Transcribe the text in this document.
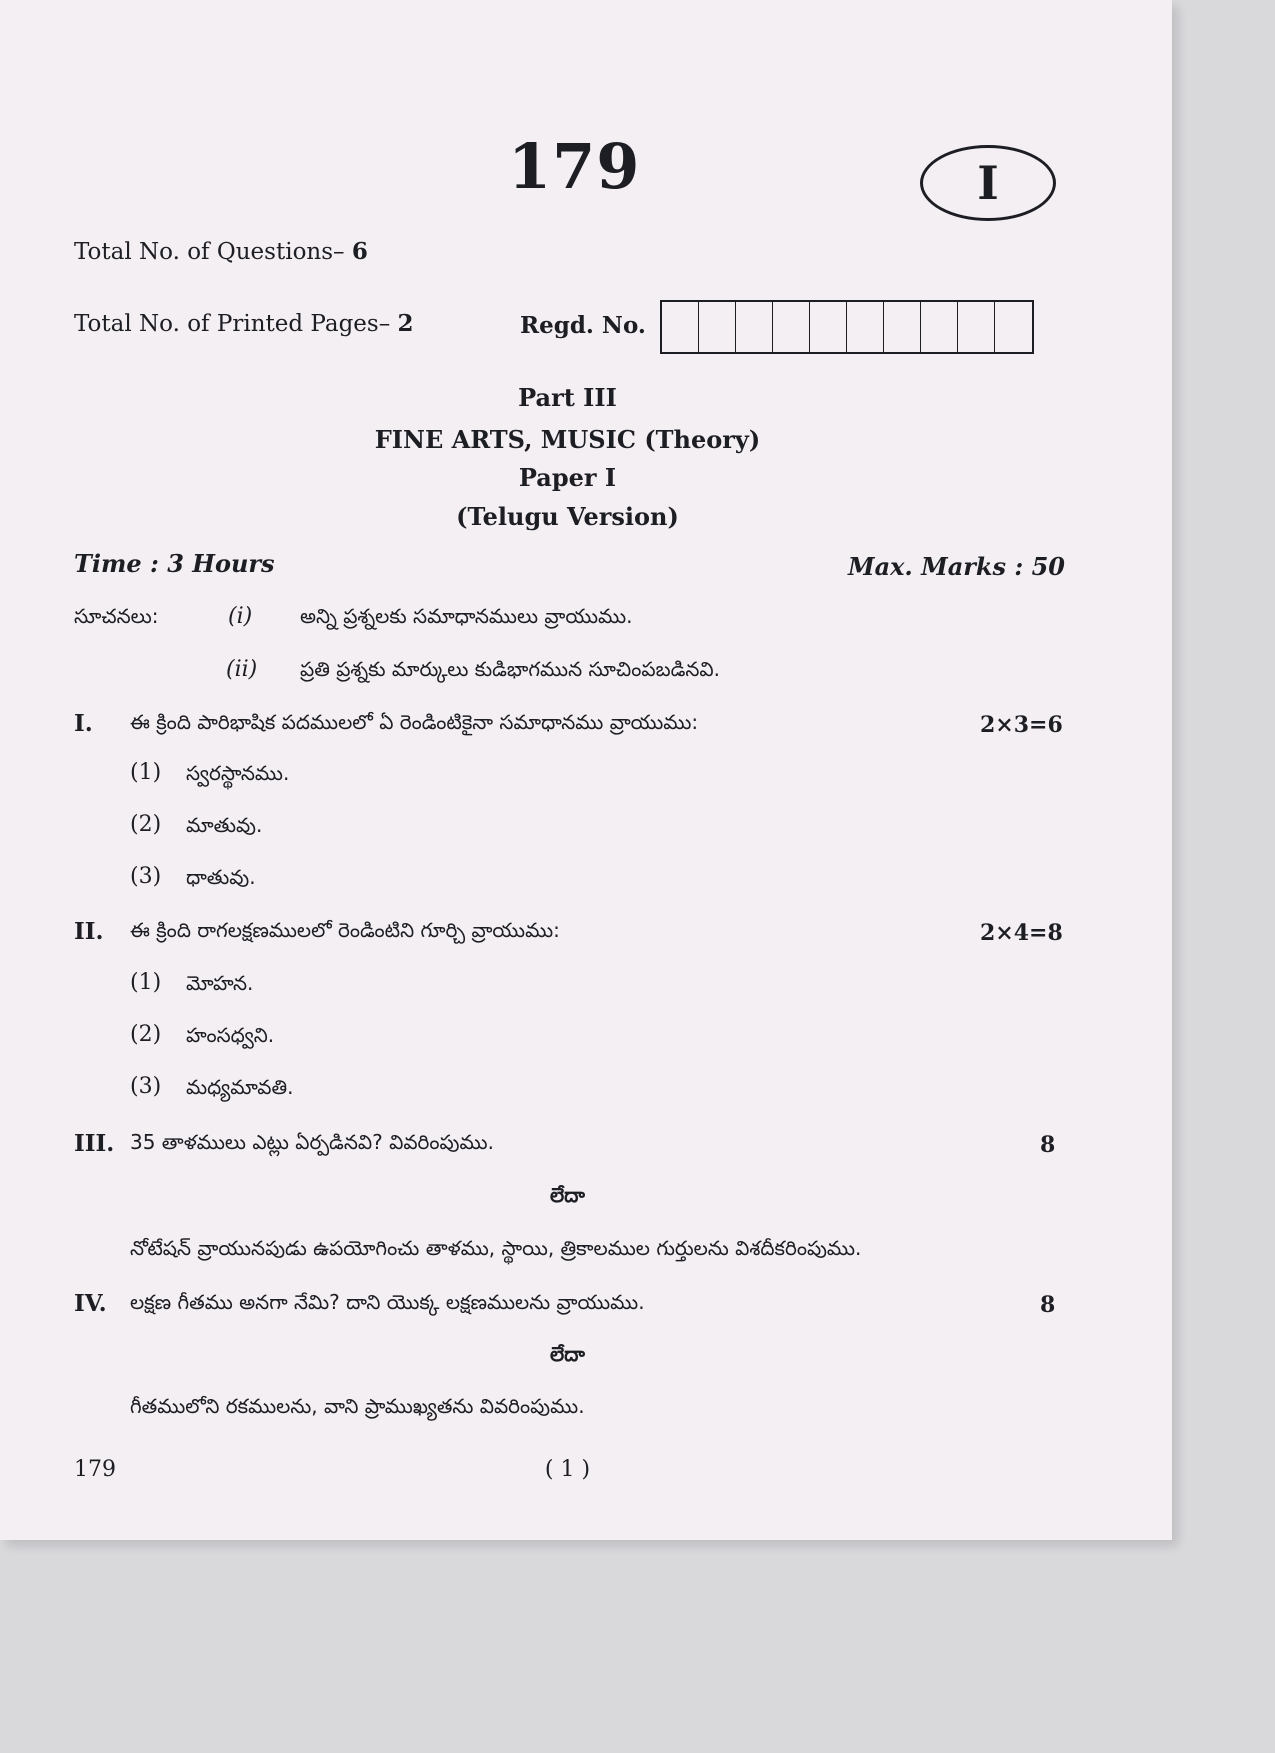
179	I
Total No. of Questions– 6
Total No. of Printed Pages– 2	Regd. No.
Part III
FINE ARTS, MUSIC (Theory)
Paper I
(Telugu Version)
Time : 3 Hours	Max. Marks : 50
సూచనలు:	(i) అన్ని ప్రశ్నలకు సమాధానములు వ్రాయుము.
(ii) ప్రతి ప్రశ్నకు మార్కులు కుడిభాగమున సూచింపబడినవి.
I. ఈ క్రింది పారిభాషిక పదములలో ఏ రెండింటికైనా సమాధానము వ్రాయుము:	2×3=6
(1) స్వరస్థానము.
(2) మాతువు.
(3) ధాతువు.
II. ఈ క్రింది రాగలక్షణములలో రెండింటిని గూర్చి వ్రాయుము:	2×4=8
(1) మోహన.
(2) హంసధ్వని.
(3) మధ్యమావతి.
III. 35 తాళములు ఎట్లు ఏర్పడినవి? వివరింపుము.	8
లేదా
నోటేషన్ వ్రాయునపుడు ఉపయోగించు తాళము, స్థాయి, త్రికాలముల గుర్తులను విశదీకరింపుము.
IV. లక్షణ గీతము అనగా నేమి? దాని యొక్క లక్షణములను వ్రాయుము.	8
లేదా
గీతములోని రకములను, వాని ప్రాముఖ్యతను వివరింపుము.
179	( 1 )
